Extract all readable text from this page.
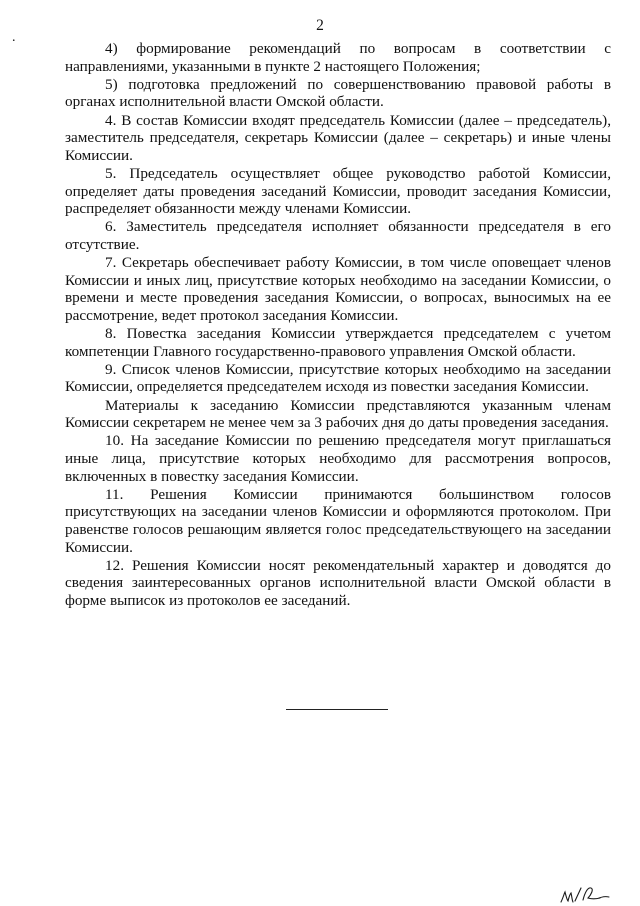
2
.

4) формирование рекомендаций по вопросам в соответствии с направлениями, указанными в пункте 2 настоящего Положения;

5) подготовка предложений по совершенствованию правовой работы в органах исполнительной власти Омской области.

4. В состав Комиссии входят председатель Комиссии (далее – председатель), заместитель председателя, секретарь Комиссии (далее – секретарь) и иные члены Комиссии.

5. Председатель осуществляет общее руководство работой Комиссии, определяет даты проведения заседаний Комиссии, проводит заседания Комиссии, распределяет обязанности между членами Комиссии.

6. Заместитель председателя исполняет обязанности председателя в его отсутствие.

7. Секретарь обеспечивает работу Комиссии, в том числе оповещает членов Комиссии и иных лиц, присутствие которых необходимо на заседании Комиссии, о времени и месте проведения заседания Комиссии, о вопросах, выносимых на ее рассмотрение, ведет протокол заседания Комиссии.

8. Повестка заседания Комиссии утверждается председателем с учетом компетенции Главного государственно-правового управления Омской области.

9. Список членов Комиссии, присутствие которых необходимо на заседании Комиссии, определяется председателем исходя из повестки заседания Комиссии.

Материалы к заседанию Комиссии представляются указанным членам Комиссии секретарем не менее чем за 3 рабочих дня до даты проведения заседания.

10. На заседание Комиссии по решению председателя могут приглашаться иные лица, присутствие которых необходимо для рассмотрения вопросов, включенных в повестку заседания Комиссии.

11. Решения Комиссии принимаются большинством голосов присутствующих на заседании членов Комиссии и оформляются протоколом. При равенстве голосов решающим является голос председательствующего на заседании Комиссии.

12. Решения Комиссии носят рекомендательный характер и доводятся до сведения заинтересованных органов исполнительной власти Омской области в форме выписок из протоколов ее заседаний.
